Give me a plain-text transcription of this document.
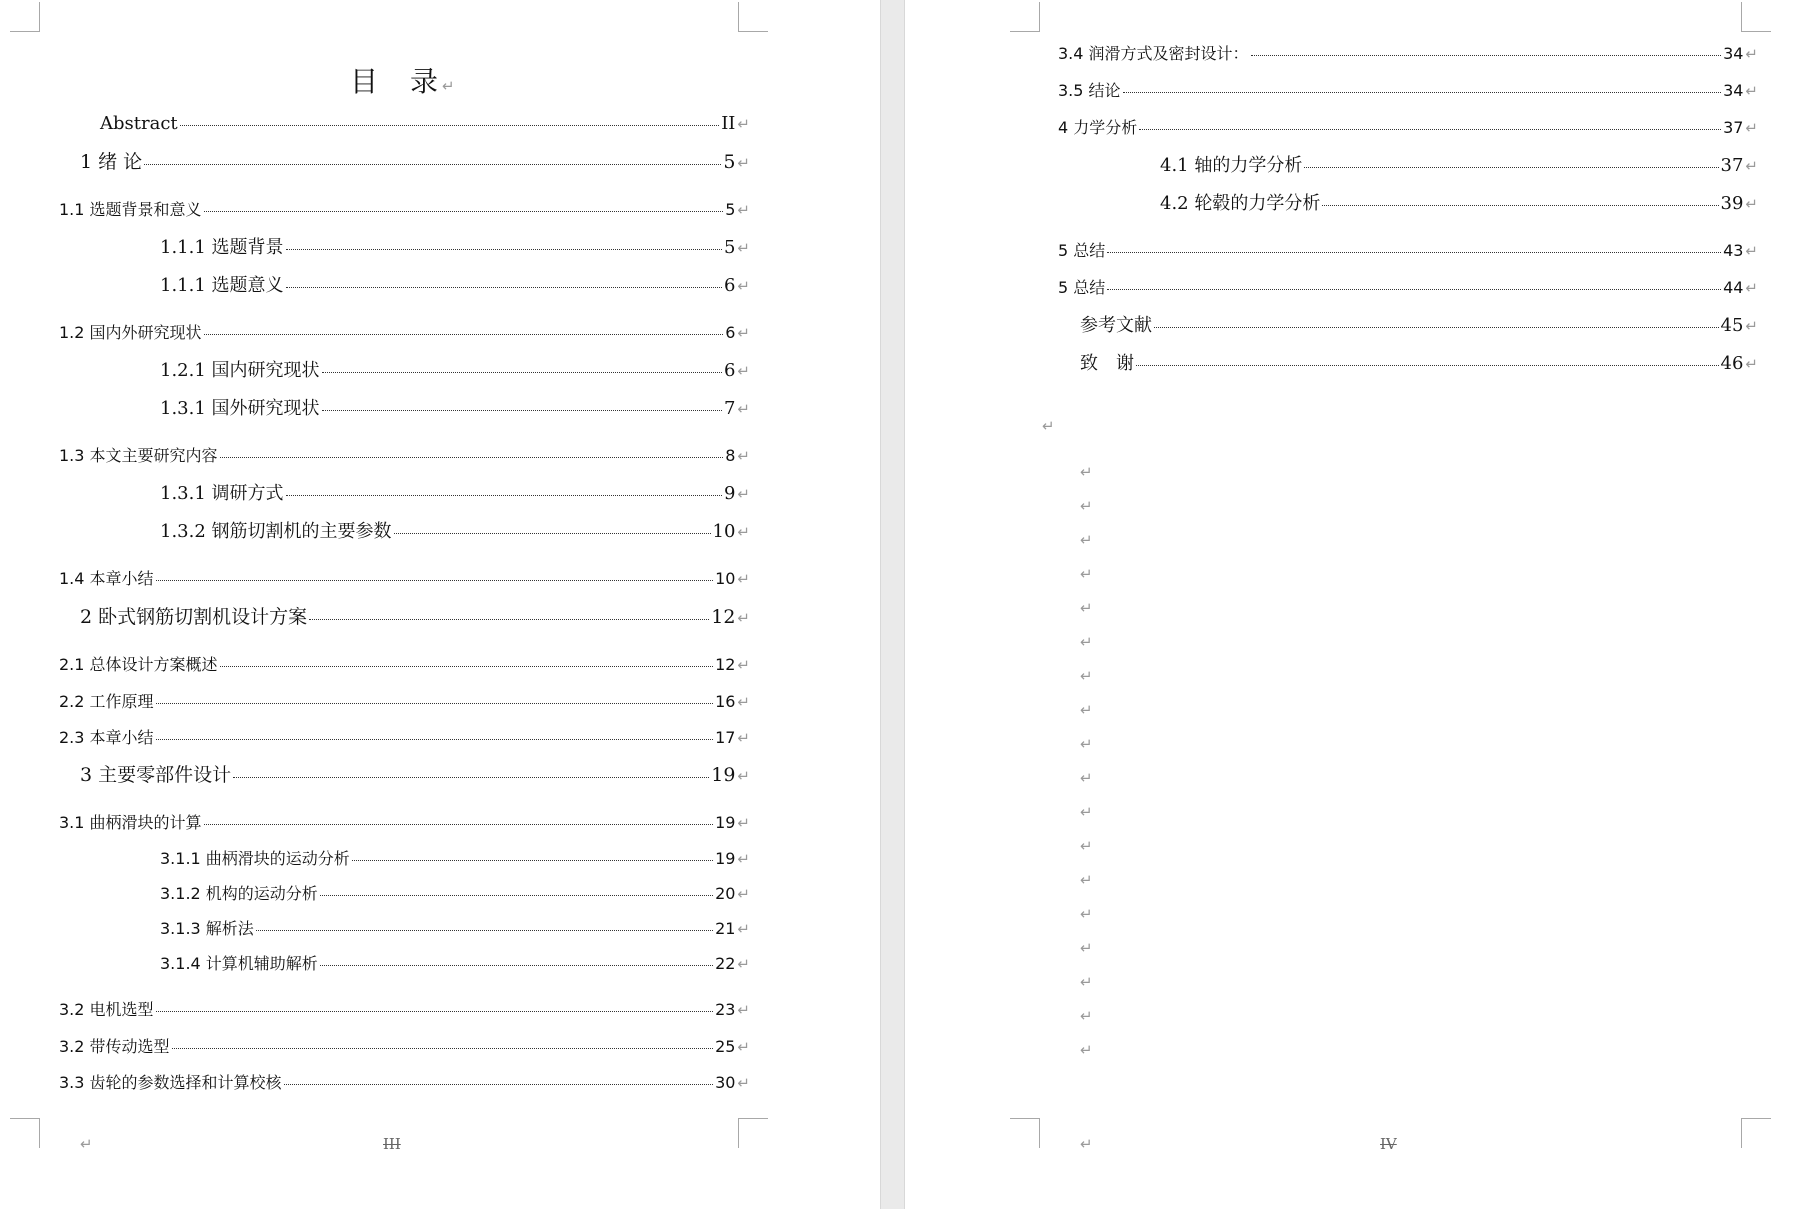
目　录 ↵
Abstract	II ↵
1 绪 论	5 ↵
1.1 选题背景和意义	5 ↵
1.1.1 选题背景	5 ↵
1.1.1 选题意义	6 ↵
1.2 国内外研究现状	6 ↵
1.2.1 国内研究现状	6 ↵
1.3.1 国外研究现状	7 ↵
1.3 本文主要研究内容	8 ↵
1.3.1 调研方式	9 ↵
1.3.2 钢筋切割机的主要参数	10 ↵
1.4 本章小结	10 ↵
2 卧式钢筋切割机设计方案	12 ↵
2.1 总体设计方案概述	12 ↵
2.2 工作原理	16 ↵
2.3 本章小结	17 ↵
3 主要零部件设计	19 ↵
3.1 曲柄滑块的计算	19 ↵
3.1.1 曲柄滑块的运动分析	19 ↵
3.1.2 机构的运动分析	20 ↵
3.1.3 解析法	21 ↵
3.1.4 计算机辅助解析	22 ↵
3.2 电机选型	23 ↵
3.2 带传动选型	25 ↵
3.3 齿轮的参数选择和计算校核	30 ↵
↵	III
3.4 润滑方式及密封设计：	34 ↵
3.5 结论	34 ↵
4 力学分析	37 ↵
4.1 轴的力学分析	37 ↵
4.2 轮毂的力学分析	39 ↵
5 总结	43 ↵
5 总结	44 ↵
参考文献	45 ↵
致　谢	46 ↵
↵
↵
↵
↵
↵
↵
↵
↵
↵
↵
↵
↵
↵
↵
↵
↵
↵
↵
↵
↵	IV
